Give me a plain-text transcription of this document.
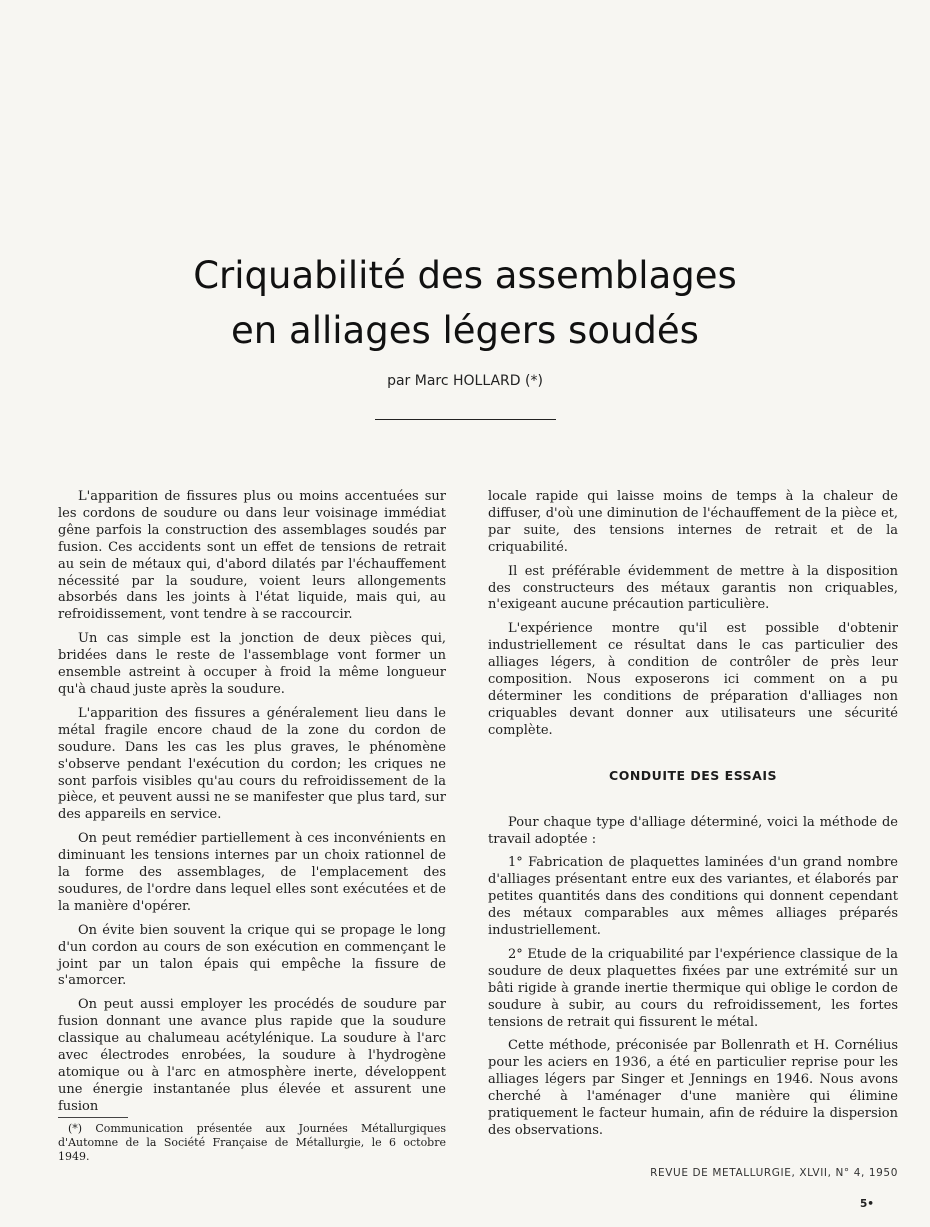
Criquabilité des assemblages
en alliages légers soudés
par Marc HOLLARD (*)

L'apparition de fissures plus ou moins accentuées sur les cordons de soudure ou dans leur voisinage immédiat gêne parfois la construction des assemblages soudés par fusion. Ces accidents sont un effet de tensions de retrait au sein de métaux qui, d'abord dilatés par l'échauffement nécessité par la soudure, voient leurs allongements absorbés dans les joints à l'état liquide, mais qui, au refroidissement, vont tendre à se raccourcir.

Un cas simple est la jonction de deux pièces qui, bridées dans le reste de l'assemblage vont former un ensemble astreint à occuper à froid la même longueur qu'à chaud juste après la soudure.

L'apparition des fissures a généralement lieu dans le métal fragile encore chaud de la zone du cordon de soudure. Dans les cas les plus graves, le phénomène s'observe pendant l'exécution du cordon; les criques ne sont parfois visibles qu'au cours du refroidissement de la pièce, et peuvent aussi ne se manifester que plus tard, sur des appareils en service.

On peut remédier partiellement à ces inconvénients en diminuant les tensions internes par un choix rationnel de la forme des assemblages, de l'emplacement des soudures, de l'ordre dans lequel elles sont exécutées et de la manière d'opérer.

On évite bien souvent la crique qui se propage le long d'un cordon au cours de son exécution en commençant le joint par un talon épais qui empêche la fissure de s'amorcer.

On peut aussi employer les procédés de soudure par fusion donnant une avance plus rapide que la soudure classique au chalumeau acétylénique. La soudure à l'arc avec électrodes enrobées, la soudure à l'hydrogène atomique ou à l'arc en atmosphère inerte, développent une énergie instantanée plus élevée et assurent une fusion

locale rapide qui laisse moins de temps à la chaleur de diffuser, d'où une diminution de l'échauffement de la pièce et, par suite, des tensions internes de retrait et de la criquabilité.

Il est préférable évidemment de mettre à la disposition des constructeurs des métaux garantis non criquables, n'exigeant aucune précaution particulière.

L'expérience montre qu'il est possible d'obtenir industriellement ce résultat dans le cas particulier des alliages légers, à condition de contrôler de près leur composition. Nous exposerons ici comment on a pu déterminer les conditions de préparation d'alliages non criquables devant donner aux utilisateurs une sécurité complète.

CONDUITE DES ESSAIS

Pour chaque type d'alliage déterminé, voici la méthode de travail adoptée :

1° Fabrication de plaquettes laminées d'un grand nombre d'alliages présentant entre eux des variantes, et élaborés par petites quantités dans des conditions qui donnent cependant des métaux comparables aux mêmes alliages préparés industriellement.

2° Etude de la criquabilité par l'expérience classique de la soudure de deux plaquettes fixées par une extrémité sur un bâti rigide à grande inertie thermique qui oblige le cordon de soudure à subir, au cours du refroidissement, les fortes tensions de retrait qui fissurent le métal.

Cette méthode, préconisée par Bollenrath et H. Cornélius pour les aciers en 1936, a été en particulier reprise pour les alliages légers par Singer et Jennings en 1946. Nous avons cherché à l'aménager d'une manière qui élimine pratiquement le facteur humain, afin de réduire la dispersion des observations.

(*) Communication présentée aux Journées Métallurgiques d'Automne de la Société Française de Métallurgie, le 6 octobre 1949.
REVUE DE METALLURGIE, XLVII, N° 4, 1950
5•
